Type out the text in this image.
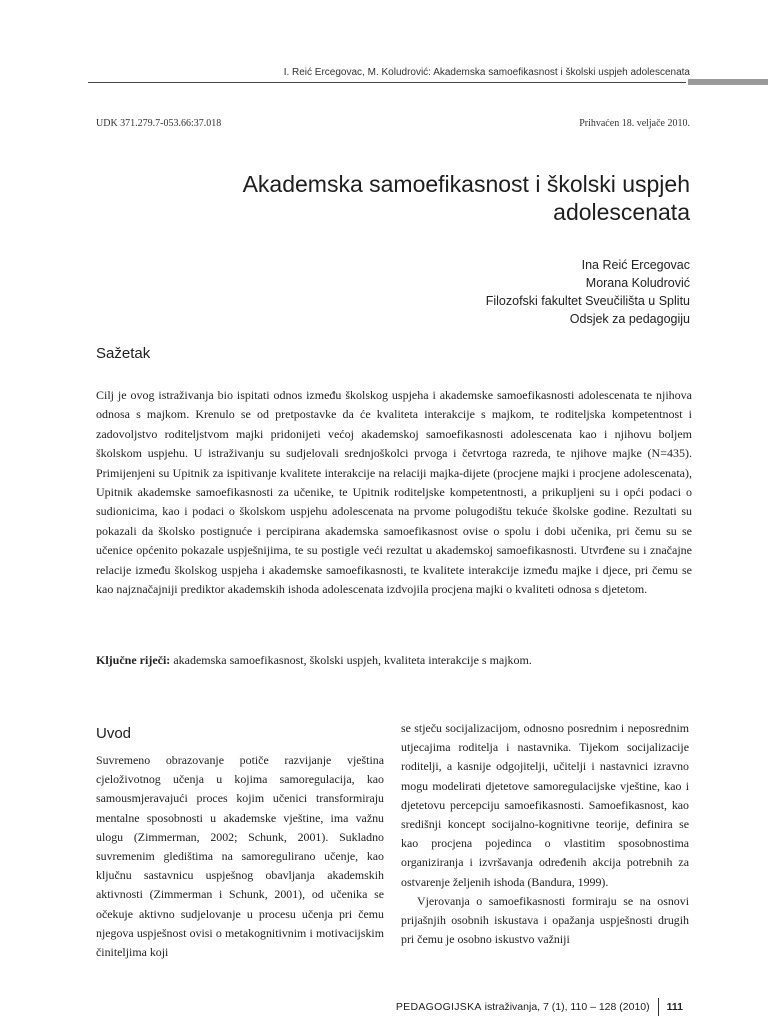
I. Reić Ercegovac, M. Koludrović: Akademska samoefikasnost i školski uspjeh adolescenata
UDK 371.279.7-053.66:37.018	Prihvaćen 18. veljače 2010.
Akademska samoefikasnost i školski uspjeh adolescenata
Ina Reić Ercegovac
Morana Koludrović
Filozofski fakultet Sveučilišta u Splitu
Odsjek za pedagogiju
Sažetak

Cilj je ovog istraživanja bio ispitati odnos između školskog uspjeha i akademske samoefikasnosti adolescenata te njihova odnosa s majkom. Krenulo se od pretpostavke da će kvaliteta interakcije s majkom, te roditeljska kompetentnost i zadovoljstvo roditeljstvom majki pridonijeti većoj akademskoj samoefikasnosti adolescenata kao i njihovu boljem školskom uspjehu. U istraživanju su sudjelovali srednjoškolci prvoga i četvrtoga razreda, te njihove majke (N=435). Primijenjeni su Upitnik za ispitivanje kvalitete interakcije na relaciji majka-dijete (procjene majki i procjene adolescenata), Upitnik akademske samoefikasnosti za učenike, te Upitnik roditeljske kompetentnosti, a prikupljeni su i opći podaci o sudionicima, kao i podaci o školskom uspjehu adolescenata na prvome polugodištu tekuće školske godine. Rezultati su pokazali da školsko postignuće i percipirana akademska samoefikasnost ovise o spolu i dobi učenika, pri čemu su se učenice općenito pokazale uspješnijima, te su postigle veći rezultat u akademskoj samoefikasnosti. Utvrđene su i značajne relacije između školskog uspjeha i akademske samoefikasnosti, te kvalitete interakcije između majke i djece, pri čemu se kao najznačajniji prediktor akademskih ishoda adolescenata izdvojila procjena majki o kvaliteti odnosa s djetetom.

Ključne riječi: akademska samoefikasnost, školski uspjeh, kvaliteta interakcije s majkom.

Uvod

Suvremeno obrazovanje potiče razvijanje vještina cjeloživotnog učenja u kojima samoregulacija, kao samousmjeravajući proces kojim učenici transformiraju mentalne sposobnosti u akademske vještine, ima važnu ulogu (Zimmerman, 2002; Schunk, 2001). Sukladno suvremenim gledištima na samoregulirano učenje, kao ključnu sastavnicu uspješnog obavljanja akademskih aktivnosti (Zimmerman i Schunk, 2001), od učenika se očekuje aktivno sudjelovanje u procesu učenja pri čemu njegova uspješnost ovisi o metakognitivnim i motivacijskim činiteljima koji

se stječu socijalizacijom, odnosno posrednim i neposrednim utjecajima roditelja i nastavnika. Tijekom socijalizacije roditelji, a kasnije odgojitelji, učitelji i nastavnici izravno mogu modelirati djetetove samoregulacijske vještine, kao i djetetovu percepciju samoefikasnosti. Samoefikasnost, kao središnji koncept socijalno-kognitivne teorije, definira se kao procjena pojedinca o vlastitim sposobnostima organiziranja i izvršavanja određenih akcija potrebnih za ostvarenje željenih ishoda (Bandura, 1999).

Vjerovanja o samoefikasnosti formiraju se na osnovi prijašnjih osobnih iskustava i opažanja uspješnosti drugih pri čemu je osobno iskustvo važniji

PEDAGOGIJSKA istraživanja, 7 (1), 110 – 128 (2010) 111
